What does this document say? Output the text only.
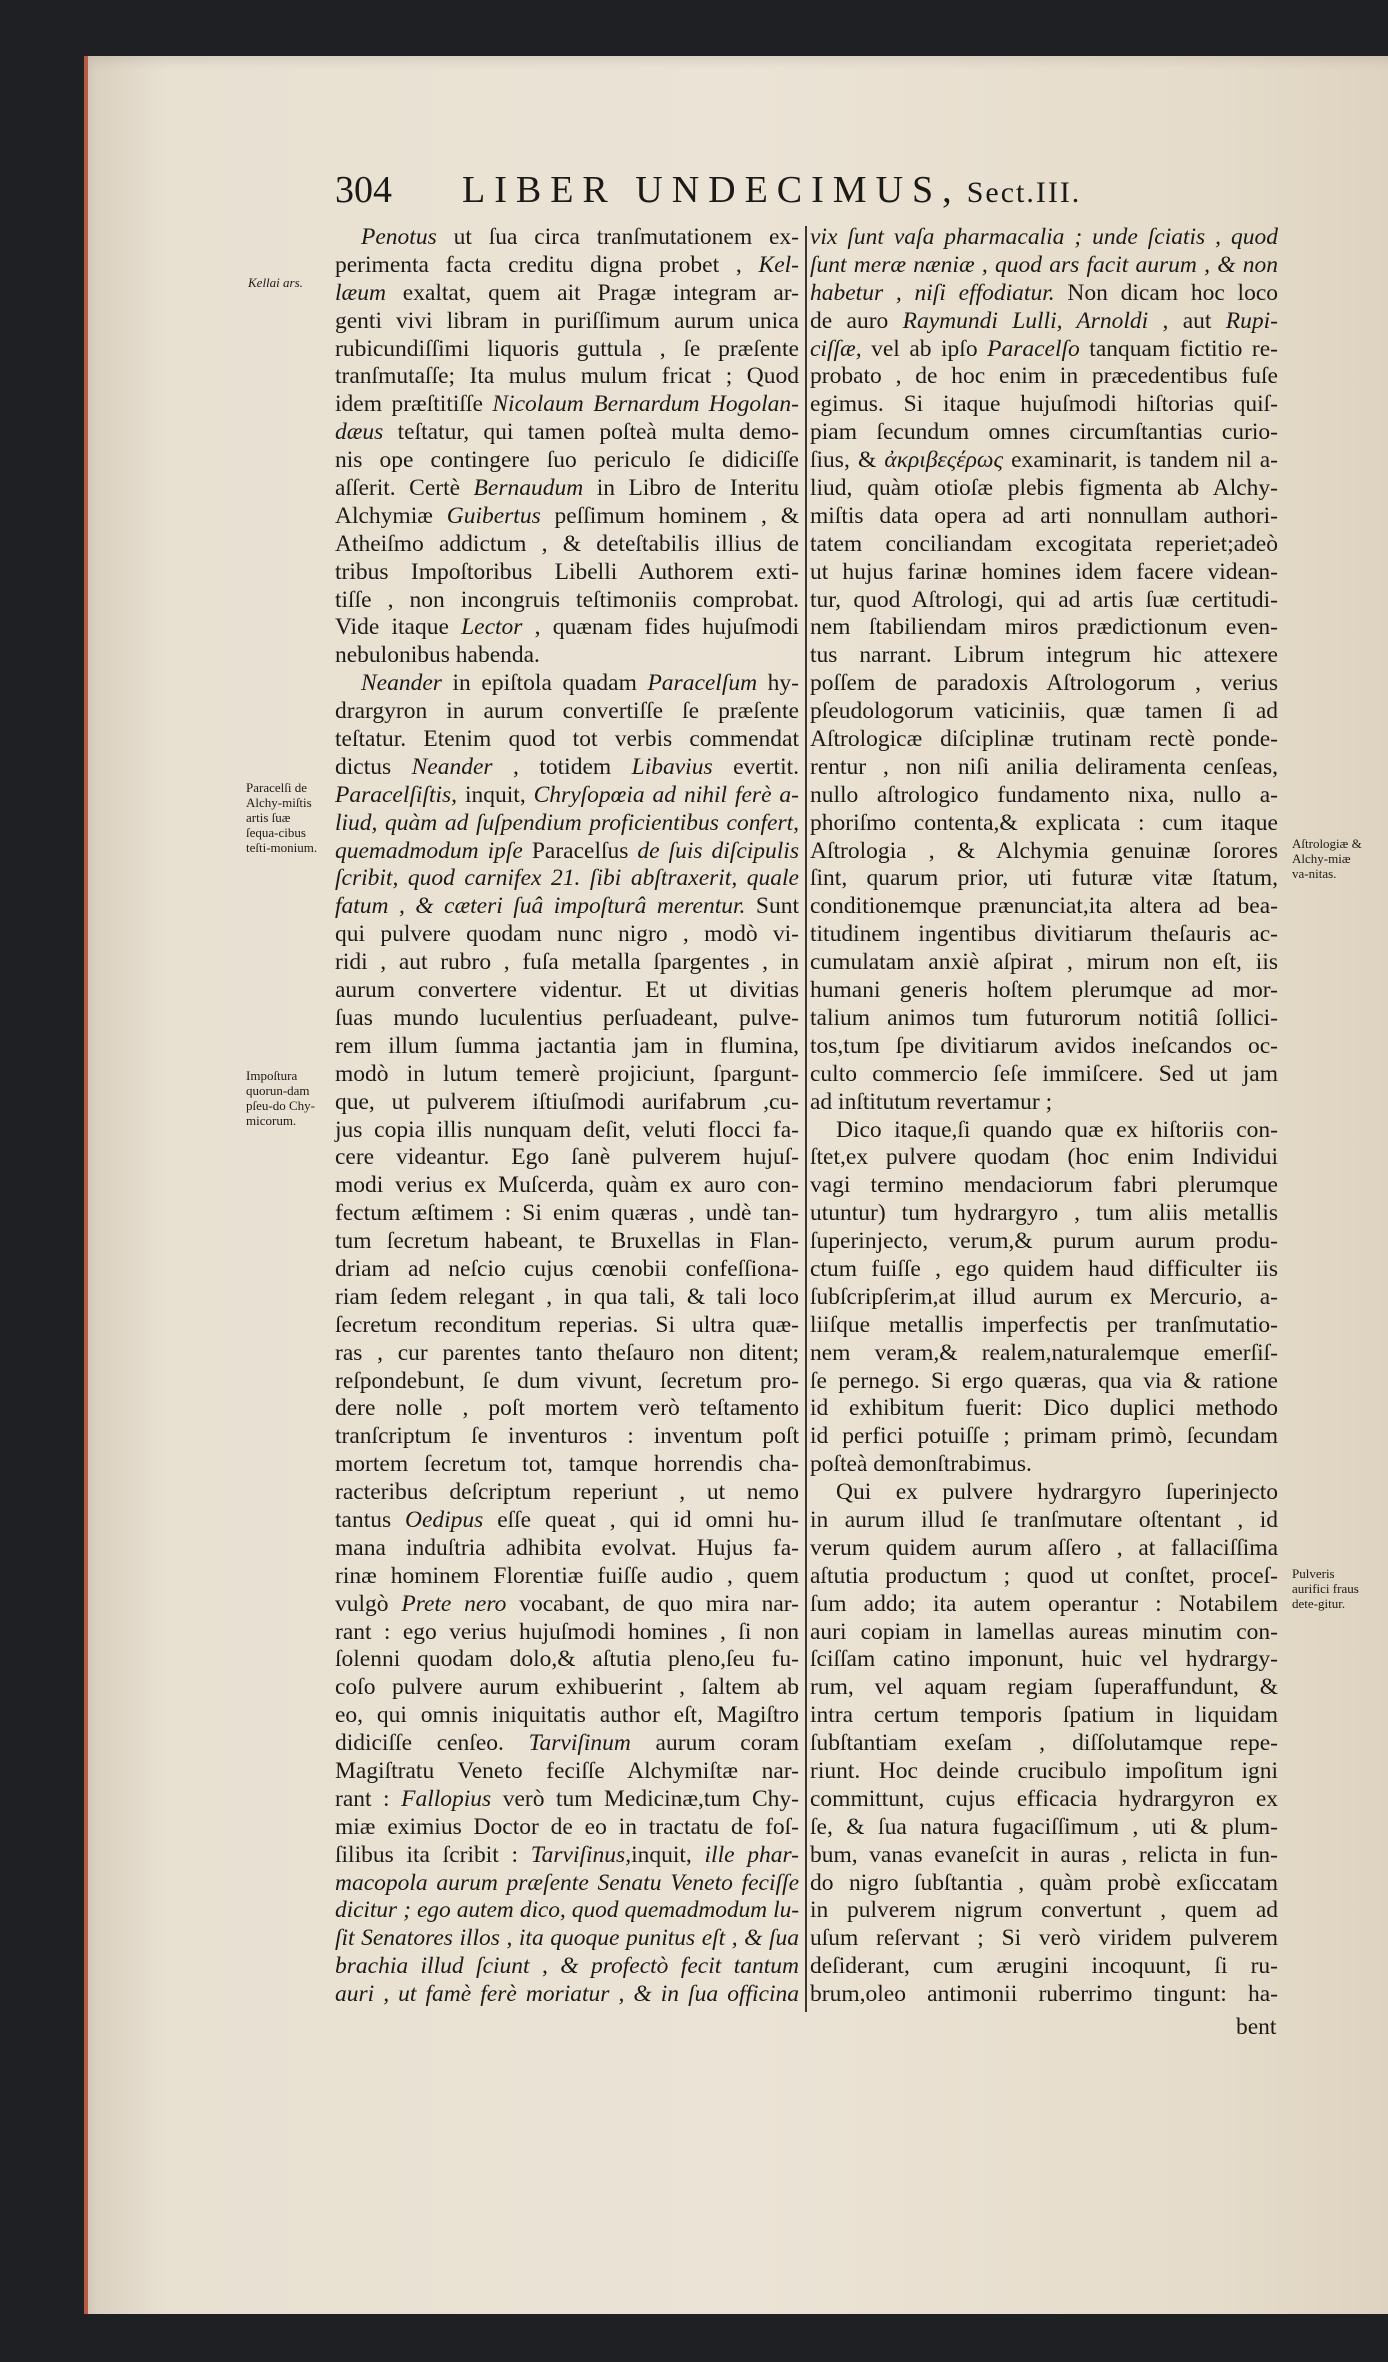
304 LIBER UNDECIMUS, Sect.III.
Kellai ars.
Paracelſi de Alchy-miſtis artis ſuæ ſequa-cibus teſti-monium.
Impoſtura quorun-dam pſeu-do Chy-micorum.
Aſtrologiæ & Alchy-miæ va-nitas.
Pulveris aurifici fraus dete-gitur.
Penotus ut ſua circa tranſmutationem ex-
perimenta facta creditu digna probet , Kel-
læum exaltat, quem ait Pragæ integram ar-
genti vivi libram in puriſſimum aurum unica
rubicundiſſimi liquoris guttula , ſe præſente
tranſmutaſſe; Ita mulus mulum fricat ; Quod
idem præſtitiſſe Nicolaum Bernardum Hogolan-
dæus teſtatur, qui tamen poſteà multa demo-
nis ope contingere ſuo periculo ſe didiciſſe
aſſerit. Certè Bernaudum in Libro de Interitu
Alchymiæ Guibertus peſſimum hominem , &
Atheiſmo addictum , & deteſtabilis illius de
tribus Impoſtoribus Libelli Authorem exti-
tiſſe , non incongruis teſtimoniis comprobat.
Vide itaque Lector , quænam fides hujuſmodi
nebulonibus habenda.
Neander in epiſtola quadam Paracelſum hy-
drargyron in aurum convertiſſe ſe præſente
teſtatur. Etenim quod tot verbis commendat
dictus Neander , totidem Libavius evertit.
Paracelſiſtis, inquit, Chryſopœia ad nihil ferè a-
liud, quàm ad ſuſpendium proficientibus confert,
quemadmodum ipſe Paracelſus de ſuis diſcipulis
ſcribit, quod carnifex 21. ſibi abſtraxerit, quale
fatum , & cæteri ſuâ impoſturâ merentur. Sunt
qui pulvere quodam nunc nigro , modò vi-
ridi , aut rubro , fuſa metalla ſpargentes , in
aurum convertere videntur. Et ut divitias
ſuas mundo luculentius perſuadeant, pulve-
rem illum ſumma jactantia jam in flumina,
modò in lutum temerè projiciunt, ſpargunt-
que, ut pulverem iſtiuſmodi aurifabrum ,cu-
jus copia illis nunquam deſit, veluti flocci fa-
cere videantur. Ego ſanè pulverem hujuſ-
modi verius ex Muſcerda, quàm ex auro con-
fectum æſtimem : Si enim quæras , undè tan-
tum ſecretum habeant, te Bruxellas in Flan-
driam ad neſcio cujus cœnobii confeſſiona-
riam ſedem relegant , in qua tali, & tali loco
ſecretum reconditum reperias. Si ultra quæ-
ras , cur parentes tanto theſauro non ditent;
reſpondebunt, ſe dum vivunt, ſecretum pro-
dere nolle , poſt mortem verò teſtamento
tranſcriptum ſe inventuros : inventum poſt
mortem ſecretum tot, tamque horrendis cha-
racteribus deſcriptum reperiunt , ut nemo
tantus Oedipus eſſe queat , qui id omni hu-
mana induſtria adhibita evolvat. Hujus fa-
rinæ hominem Florentiæ fuiſſe audio , quem
vulgò Prete nero vocabant, de quo mira nar-
rant : ego verius hujuſmodi homines , ſi non
ſolenni quodam dolo,& aſtutia pleno,ſeu fu-
coſo pulvere aurum exhibuerint , ſaltem ab
eo, qui omnis iniquitatis author eſt, Magiſtro
didiciſſe cenſeo. Tarviſinum aurum coram
Magiſtratu Veneto feciſſe Alchymiſtæ nar-
rant : Fallopius verò tum Medicinæ,tum Chy-
miæ eximius Doctor de eo in tractatu de foſ-
ſilibus ita ſcribit : Tarviſinus,inquit, ille phar-
macopola aurum præſente Senatu Veneto feciſſe
dicitur ; ego autem dico, quod quemadmodum lu-
ſit Senatores illos , ita quoque punitus eſt , & ſua
brachia illud ſciunt , & profectò fecit tantum
auri , ut famè ferè moriatur , & in ſua officina
vix ſunt vaſa pharmacalia ; unde ſciatis , quod
ſunt meræ næniæ , quod ars facit aurum , & non
habetur , niſi effodiatur. Non dicam hoc loco
de auro Raymundi Lulli, Arnoldi , aut Rupi-
ciſſæ, vel ab ipſo Paracelſo tanquam fictitio re-
probato , de hoc enim in præcedentibus fuſe
egimus. Si itaque hujuſmodi hiſtorias quiſ-
piam ſecundum omnes circumſtantias curio-
ſius, & ἀκριβεςέρως examinarit, is tandem nil a-
liud, quàm otioſæ plebis figmenta ab Alchy-
miſtis data opera ad arti nonnullam authori-
tatem conciliandam excogitata reperiet;adeò
ut hujus farinæ homines idem facere videan-
tur, quod Aſtrologi, qui ad artis ſuæ certitudi-
nem ſtabiliendam miros prædictionum even-
tus narrant. Librum integrum hic attexere
poſſem de paradoxis Aſtrologorum , verius
pſeudologorum vaticiniis, quæ tamen ſi ad
Aſtrologicæ diſciplinæ trutinam rectè ponde-
rentur , non niſi anilia deliramenta cenſeas,
nullo aſtrologico fundamento nixa, nullo a-
phoriſmo contenta,& explicata : cum itaque
Aſtrologia , & Alchymia genuinæ ſorores
ſint, quarum prior, uti futuræ vitæ ſtatum,
conditionemque prænunciat,ita altera ad bea-
titudinem ingentibus divitiarum theſauris ac-
cumulatam anxiè aſpirat , mirum non eſt, iis
humani generis hoſtem plerumque ad mor-
talium animos tum futurorum notitiâ ſollici-
tos,tum ſpe divitiarum avidos ineſcandos oc-
culto commercio ſeſe immiſcere. Sed ut jam
ad inſtitutum revertamur ;
Dico itaque,ſi quando quæ ex hiſtoriis con-
ſtet,ex pulvere quodam (hoc enim Individui
vagi termino mendaciorum fabri plerumque
utuntur) tum hydrargyro , tum aliis metallis
ſuperinjecto, verum,& purum aurum produ-
ctum fuiſſe , ego quidem haud difficulter iis
ſubſcripſerim,at illud aurum ex Mercurio, a-
liiſque metallis imperfectis per tranſmutatio-
nem veram,& realem,naturalemque emerſiſ-
ſe pernego. Si ergo quæras, qua via & ratione
id exhibitum fuerit: Dico duplici methodo
id perfici potuiſſe ; primam primò, ſecundam
poſteà demonſtrabimus.
Qui ex pulvere hydrargyro ſuperinjecto
in aurum illud ſe tranſmutare oſtentant , id
verum quidem aurum aſſero , at fallaciſſima
aſtutia productum ; quod ut conſtet, proceſ-
ſum addo; ita autem operantur : Notabilem
auri copiam in lamellas aureas minutim con-
ſciſſam catino imponunt, huic vel hydrargy-
rum, vel aquam regiam ſuperaffundunt, &
intra certum temporis ſpatium in liquidam
ſubſtantiam exeſam , diſſolutamque repe-
riunt. Hoc deinde crucibulo impoſitum igni
committunt, cujus efficacia hydrargyron ex
ſe, & ſua natura fugaciſſimum , uti & plum-
bum, vanas evaneſcit in auras , relicta in fun-
do nigro ſubſtantia , quàm probè exſiccatam
in pulverem nigrum convertunt , quem ad
uſum reſervant ; Si verò viridem pulverem
deſiderant, cum ærugini incoquunt, ſi ru-
brum,oleo antimonii ruberrimo tingunt: ha-
bent
